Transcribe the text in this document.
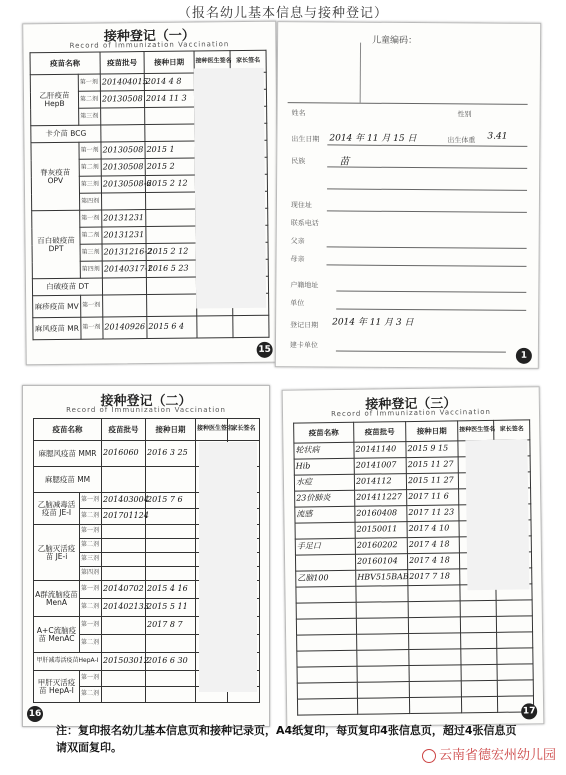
（报名幼儿基本信息与接种登记）
接种登记（一）
Record of Immunization Vaccination
疫苗名称		疫苗批号	接种日期	接种医生签名	家长签名
乙肝疫苗 HepB	第一剂	201404015	2014 4 8		
	第二剂	20130508	2014 11 3		
	第三剂				
卡介苗 BCG					
脊灰疫苗 OPV	第一剂	20130508	2015 1		
	第二剂	20130508	2015 2		
	第三剂	20130508-6	2015 2 12		
	第四剂				
百白破疫苗 DPT	第一剂	20131231			
	第二剂	20131231			
	第三剂	20131216-2	2015 2 12		
	第四剂	20140317-1	2016 5 23		
白破疫苗 DT					
麻疹疫苗 MV	第一剂				
麻风疫苗 MR	第一剂	20140926	2015 6 4		
15
儿童编码：
姓名	性别
出生日期 2014 年 11 月 15 日	出生体重 3.41
民族	苗
现住址
联系电话
父亲
母亲
户籍地址
单位
登记日期 2014 年 11 月 3 日
建卡单位
1
接种登记（二）
Record of Immunization Vaccination
疫苗名称		疫苗批号	接种日期	接种医生签名	家长签名
麻腮风疫苗 MMR		2016060	2016 3 25		
麻腮疫苗 MM					
乙脑减毒活疫苗 JE-I	第一剂	201403004	2015 7 6		
	第二剂	201701124			
乙脑灭活疫苗 JE-i	第一剂				
	第二剂				
	第三剂				
	第四剂				
A群流脑疫苗 MenA	第一剂	20140702	2015 4 16		
	第二剂	201402133	2015 5 11		
A+C流脑疫苗 MenAC	第一剂		2017 8 7		
	第二剂				
甲肝减毒活疫苗HepA-I		201503012	2016 6 30		
甲肝灭活疫苗 HepA-I	第一剂				
	第二剂				
16
接种登记（三）
Record of Immunization Vaccination
疫苗名称	疫苗批号	接种日期	接种医生签名	家长签名
轮状病	20141140	2015 9 15		
Hib	20141007	2015 11 27		
水痘	2014112	2015 11 27		
23价肺炎	201411227	2017 11 6		
流感	20160408	2017 11 23		
	20150011	2017 4 10		
手足口	20160202	2017 4 18		
	20160104	2017 4 18		
乙脑100	HBV515BAB	2017 7 18		

17
注：复印报名幼儿基本信息页和接种记录页，A4纸复印，每页复印4张信息页，超过4张信息页请双面复印。
云南省德宏州幼儿园
